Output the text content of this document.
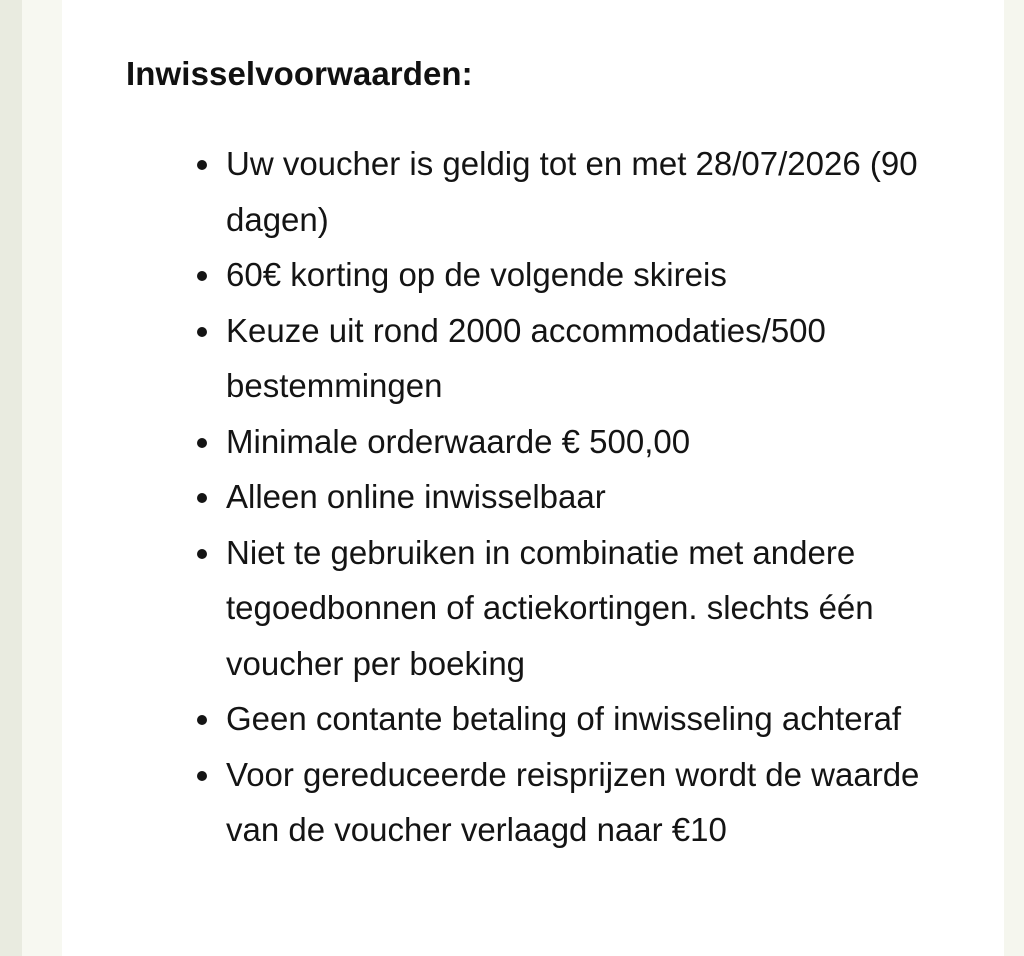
Inwisselvoorwaarden:
Uw voucher is geldig tot en met 28/07/2026 (90 dagen)
60€ korting op de volgende skireis
Keuze uit rond 2000 accommodaties/500 bestemmingen
Minimale orderwaarde € 500,00
Alleen online inwisselbaar
Niet te gebruiken in combinatie met andere tegoedbonnen of actiekortingen. slechts één voucher per boeking
Geen contante betaling of inwisseling achteraf
Voor gereduceerde reisprijzen wordt de waarde van de voucher verlaagd naar €10
